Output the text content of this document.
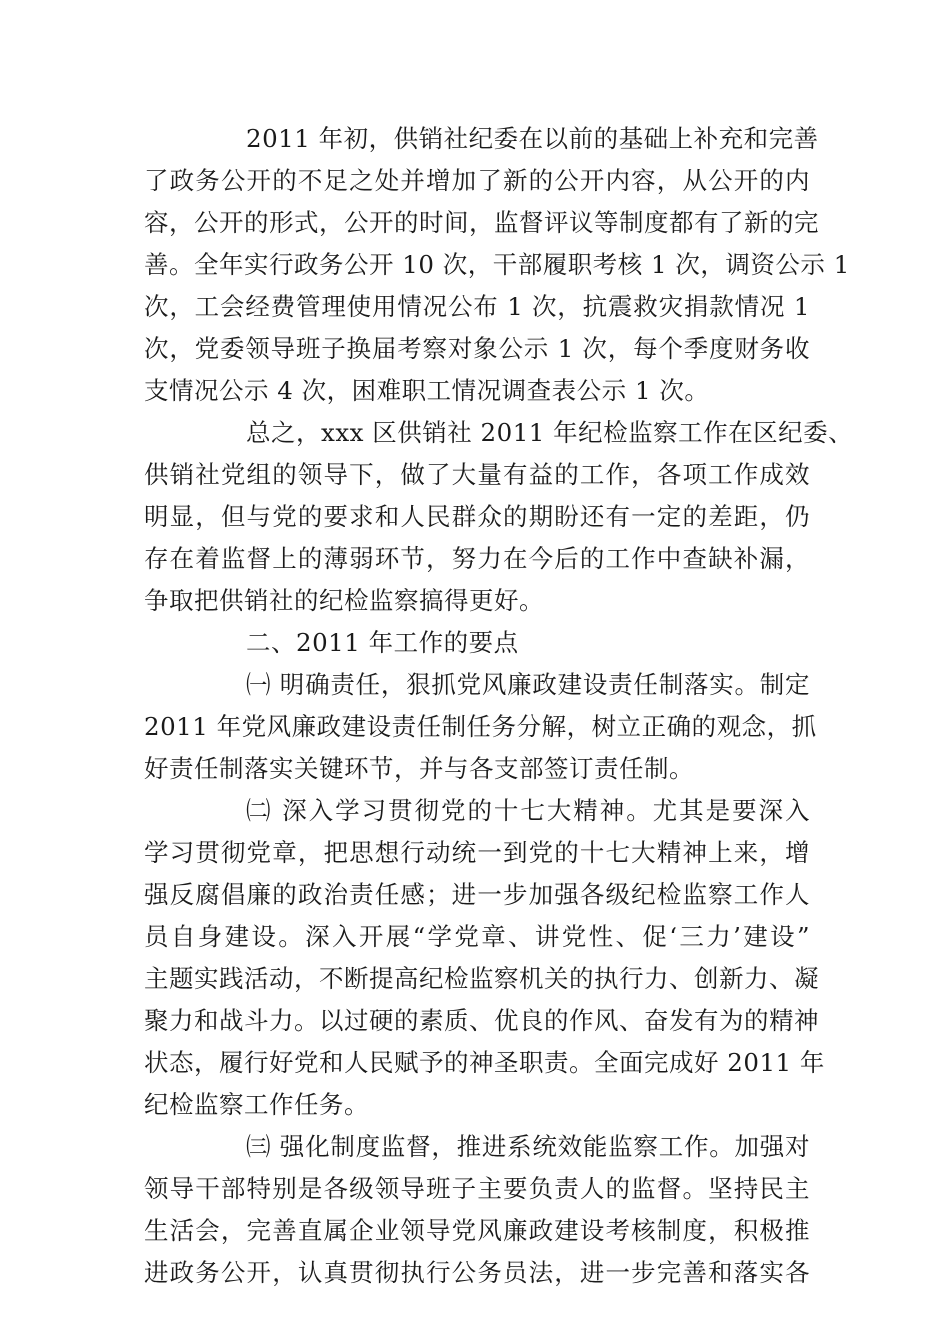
2011 年初，供销社纪委在以前的基础上补充和完善
了政务公开的不足之处并增加了新的公开内容，从公开的内
容，公开的形式，公开的时间，监督评议等制度都有了新的完
善。全年实行政务公开 10 次，干部履职考核 1 次，调资公示 1
次，工会经费管理使用情况公布 1 次，抗震救灾捐款情况 1
次，党委领导班子换届考察对象公示 1 次，每个季度财务收
支情况公示 4 次，困难职工情况调查表公示 1 次。
总之，xxx 区供销社 2011 年纪检监察工作在区纪委、
供销社党组的领导下，做了大量有益的工作，各项工作成效
明显，但与党的要求和人民群众的期盼还有一定的差距，仍
存在着监督上的薄弱环节，努力在今后的工作中查缺补漏，
争取把供销社的纪检监察搞得更好。
二、2011 年工作的要点
㈠ 明确责任，狠抓党风廉政建设责任制落实。制定
2011 年党风廉政建设责任制任务分解，树立正确的观念，抓
好责任制落实关键环节，并与各支部签订责任制。
㈡ 深入学习贯彻党的十七大精神。尤其是要深入
学习贯彻党章，把思想行动统一到党的十七大精神上来，增
强反腐倡廉的政治责任感；进一步加强各级纪检监察工作人
员自身建设。深入开展“学党章、讲党性、促‘三力’建设”
主题实践活动，不断提高纪检监察机关的执行力、创新力、凝
聚力和战斗力。以过硬的素质、优良的作风、奋发有为的精神
状态，履行好党和人民赋予的神圣职责。全面完成好 2011 年
纪检监察工作任务。
㈢ 强化制度监督，推进系统效能监察工作。加强对
领导干部特别是各级领导班子主要负责人的监督。坚持民主
生活会，完善直属企业领导党风廉政建设考核制度，积极推
进政务公开，认真贯彻执行公务员法，进一步完善和落实各
